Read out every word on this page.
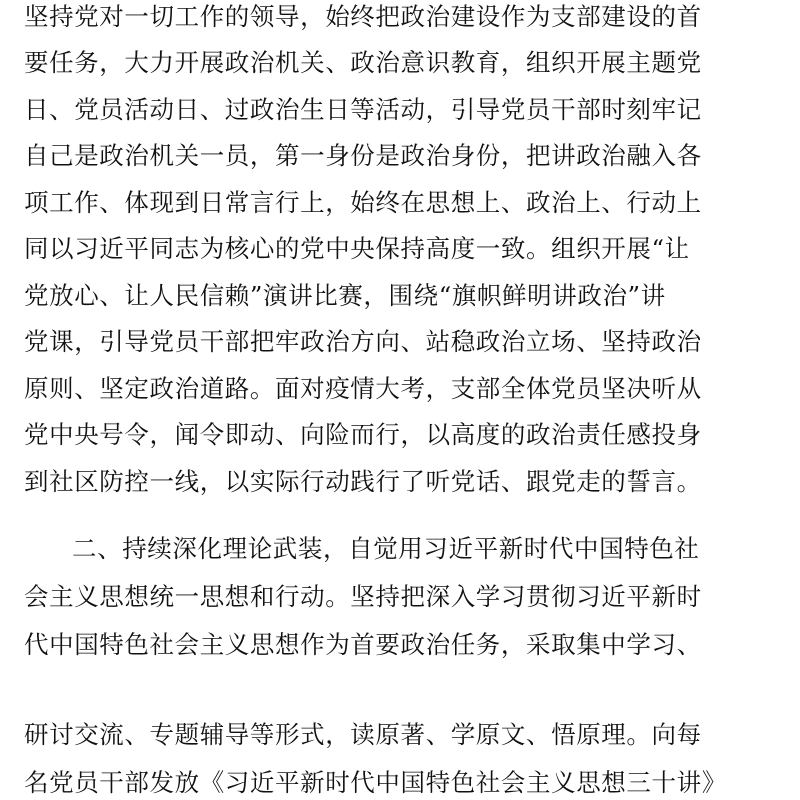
坚持党对一切工作的领导，始终把政治建设作为支部建设的首
要任务，大力开展政治机关、政治意识教育，组织开展主题党
日、党员活动日、过政治生日等活动，引导党员干部时刻牢记
自己是政治机关一员，第一身份是政治身份，把讲政治融入各
项工作、体现到日常言行上，始终在思想上、政治上、行动上
同以习近平同志为核心的党中央保持高度一致。组织开展“让
党放心、让人民信赖”演讲比赛，围绕“旗帜鲜明讲政治”讲
党课，引导党员干部把牢政治方向、站稳政治立场、坚持政治
原则、坚定政治道路。面对疫情大考，支部全体党员坚决听从
党中央号令，闻令即动、向险而行，以高度的政治责任感投身
到社区防控一线，以实际行动践行了听党话、跟党走的誓言。
二、持续深化理论武装，自觉用习近平新时代中国特色社
会主义思想统一思想和行动。坚持把深入学习贯彻习近平新时
代中国特色社会主义思想作为首要政治任务，采取集中学习、
研讨交流、专题辅导等形式，读原著、学原文、悟原理。向每
名党员干部发放《习近平新时代中国特色社会主义思想三十讲》
